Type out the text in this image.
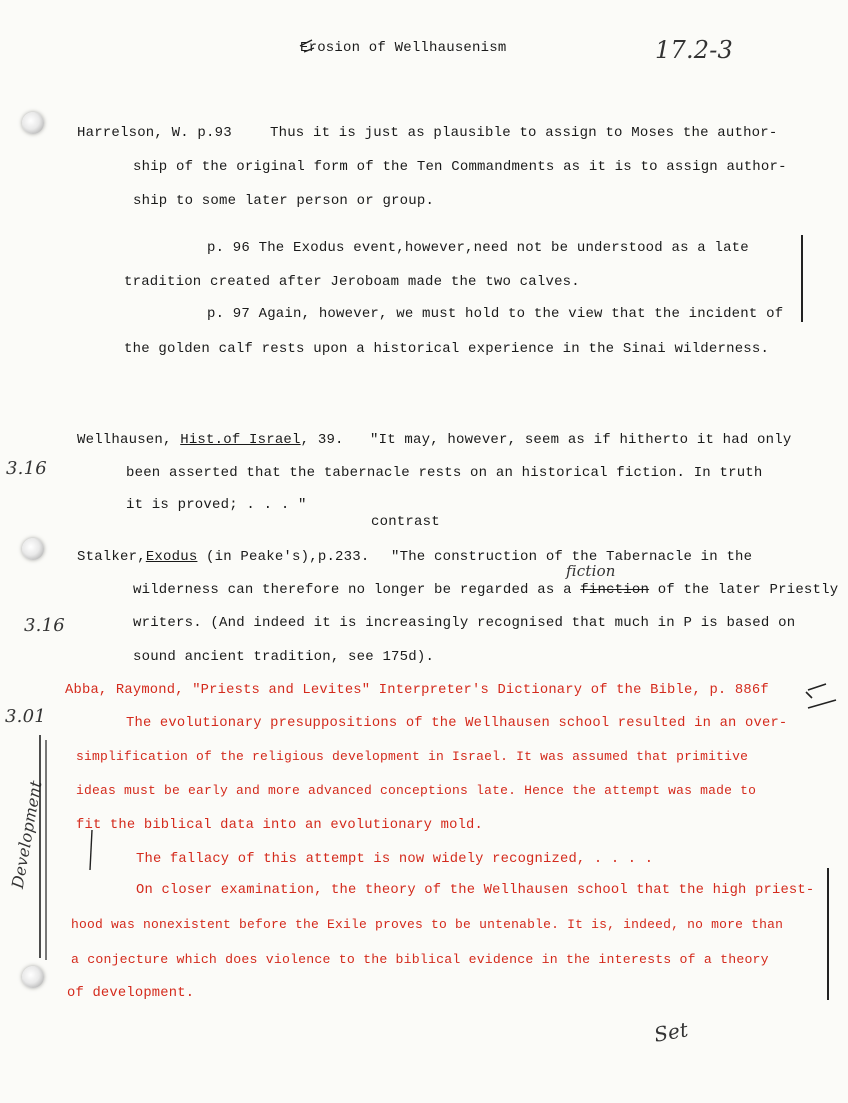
Erosion of Wellhausenism	17.2-3
Harrelson, W. p.93	Thus it is just as plausible to assign to Moses the author-
ship of the original form of the Ten Commandments as it is to assign author-
ship to some later person or group.
p. 96 The Exodus event,however,need not be understood as a late
tradition created after Jeroboam made the two calves.
p. 97 Again, however, we must hold to the view that the incident of
the golden calf rests upon a historical experience in the Sinai wilderness.
Wellhausen, Hist.of Israel, 39. "It may, however, seem as if hitherto it had only
been asserted that the tabernacle rests on an historical fiction. In truth
it is proved; . . . "
contrast
Stalker,Exodus (in Peake's),p.233. "The construction of the Tabernacle in the
fiction
wilderness can therefore no longer be regarded as a finction of the later Priestly
writers. (And indeed it is increasingly recognised that much in P is based on
sound ancient tradition, see 175d).
Abba, Raymond, "Priests and Levites" Interpreter's Dictionary of the Bible, p. 886f
The evolutionary presuppositions of the Wellhausen school resulted in an over-
simplification of the religious development in Israel. It was assumed that primitive
ideas must be early and more advanced conceptions late. Hence the attempt was made to
fit the biblical data into an evolutionary mold.
The fallacy of this attempt is now widely recognized, . . . .
On closer examination, the theory of the Wellhausen school that the high priest-
hood was nonexistent before the Exile proves to be untenable. It is, indeed, no more than
a conjecture which does violence to the biblical evidence in the interests of a theory
of development.
3.16
3.16
3.01
Development
Set
